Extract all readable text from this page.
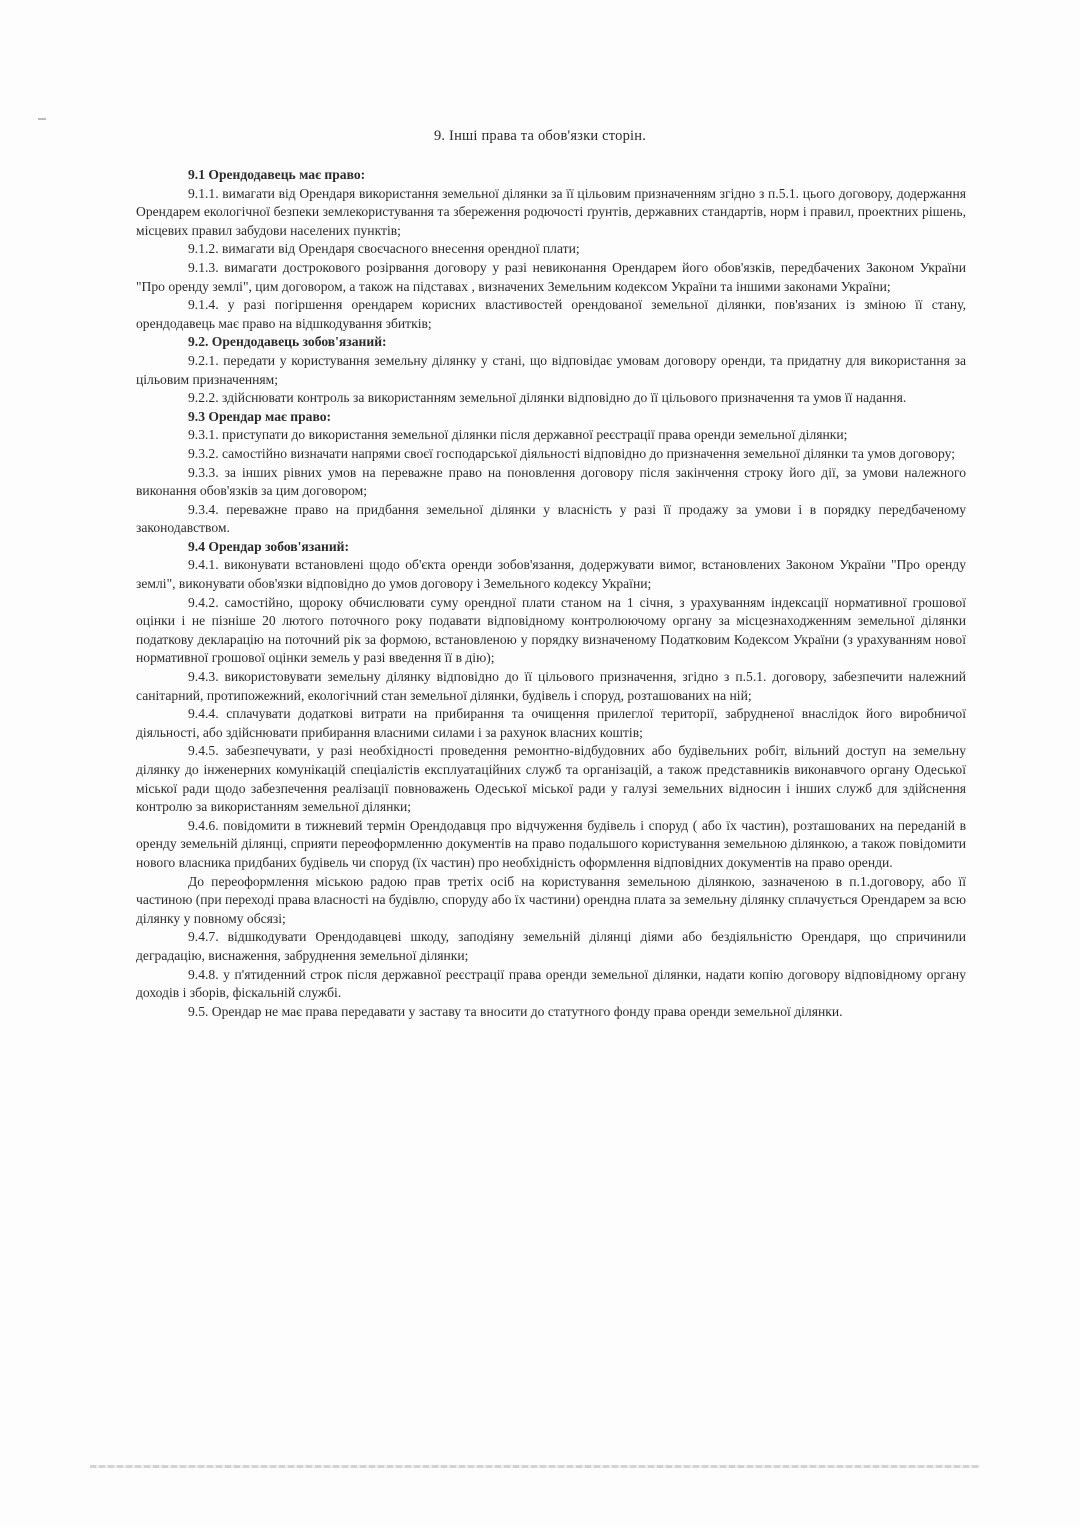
9. Інші права та обов'язки сторін.

9.1 Орендодавець має право:

9.1.1. вимагати від Орендаря використання земельної ділянки за її цільовим призначенням згідно з п.5.1. цього договору, додержання Орендарем екологічної безпеки землекористування та збереження родючості ґрунтів, державних стандартів, норм і правил, проектних рішень, місцевих правил забудови населених пунктів;

9.1.2. вимагати від Орендаря своєчасного внесення орендної плати;

9.1.3. вимагати дострокового розірвання договору у разі невиконання Орендарем його обов'язків, передбачених Законом України "Про оренду землі", цим договором, а також на підставах , визначених Земельним кодексом України та іншими законами України;

9.1.4. у разі погіршення орендарем корисних властивостей орендованої земельної ділянки, пов'язаних із зміною її стану, орендодавець має право на відшкодування збитків;

9.2. Орендодавець зобов'язаний:

9.2.1. передати у користування земельну ділянку у стані, що відповідає умовам договору оренди, та придатну для використання за цільовим призначенням;

9.2.2. здійснювати контроль за використанням земельної ділянки відповідно до її цільового призначення та умов її надання.

9.3 Орендар має право:

9.3.1. приступати до використання земельної ділянки після державної реєстрації права оренди земельної ділянки;

9.3.2. самостійно визначати напрями своєї господарської діяльності відповідно до призначення земельної ділянки та умов договору;

9.3.3. за інших рівних умов на переважне право на поновлення договору після закінчення строку його дії, за умови належного виконання обов'язків за цим договором;

9.3.4. переважне право на придбання земельної ділянки у власність у разі її продажу за умови і в порядку передбаченому законодавством.

9.4 Орендар зобов'язаний:

9.4.1. виконувати встановлені щодо об'єкта оренди зобов'язання, додержувати вимог, встановлених Законом України "Про оренду землі", виконувати обов'язки відповідно до умов договору і Земельного кодексу України;

9.4.2. самостійно, щороку обчислювати суму орендної плати станом на 1 січня, з урахуванням індексації нормативної грошової оцінки і не пізніше 20 лютого поточного року подавати відповідному контролюючому органу за місцезнаходженням земельної ділянки податкову декларацію на поточний рік за формою, встановленою у порядку визначеному Податковим Кодексом України (з урахуванням нової нормативної грошової оцінки земель у разі введення її в дію);

9.4.3. використовувати земельну ділянку відповідно до її цільового призначення, згідно з п.5.1. договору, забезпечити належний санітарний, протипожежний, екологічний стан земельної ділянки, будівель і споруд, розташованих на ній;

9.4.4. сплачувати додаткові витрати на прибирання та очищення прилеглої території, забрудненої внаслідок його виробничої діяльності, або здійснювати прибирання власними силами і за рахунок власних коштів;

9.4.5. забезпечувати, у разі необхідності проведення ремонтно-відбудовних або будівельних робіт, вільний доступ на земельну ділянку до інженерних комунікацій спеціалістів експлуатаційних служб та організацій, а також представників виконавчого органу Одеської міської ради щодо забезпечення реалізації повноважень Одеської міської ради у галузі земельних відносин і інших служб для здійснення контролю за використанням земельної ділянки;

9.4.6. повідомити в тижневий термін Орендодавця про відчуження будівель і споруд ( або їх частин), розташованих на переданій в оренду земельній ділянці, сприяти переоформленню документів на право подальшого користування земельною ділянкою, а також повідомити нового власника придбаних будівель чи споруд (їх частин) про необхідність оформлення відповідних документів на право оренди.

До переоформлення міською радою прав третіх осіб на користування земельною ділянкою, зазначеною в п.1.договору, або її частиною (при переході права власності на будівлю, споруду або їх частини) орендна плата за земельну ділянку сплачується Орендарем за всю ділянку у повному обсязі;

9.4.7. відшкодувати Орендодавцеві шкоду, заподіяну земельній ділянці діями або бездіяльністю Орендаря, що спричинили деградацію, виснаження, забруднення земельної ділянки;

9.4.8. у п'ятиденний строк після державної реєстрації права оренди земельної ділянки, надати копію договору відповідному органу доходів і зборів, фіскальній службі.

9.5. Орендар не має права передавати у заставу та вносити до статутного фонду права оренди земельної ділянки.
